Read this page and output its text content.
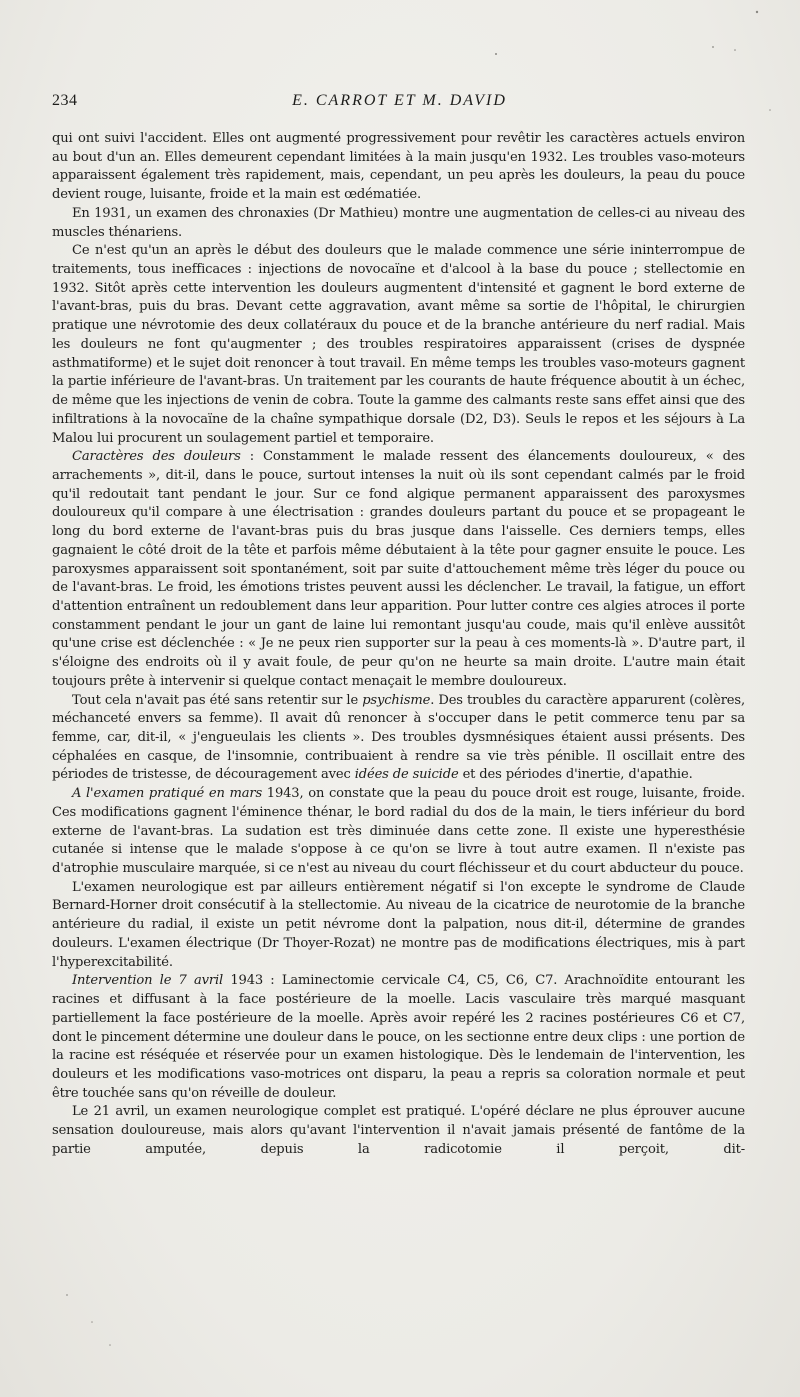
234	E. CARROT ET M. DAVID

qui ont suivi l'accident. Elles ont augmenté progressivement pour revêtir les caractères actuels environ au bout d'un an. Elles demeurent cependant limitées à la main jusqu'en 1932. Les troubles vaso-moteurs apparaissent également très rapidement, mais, cependant, un peu après les douleurs, la peau du pouce devient rouge, luisante, froide et la main est œdématiée.

En 1931, un examen des chronaxies (Dr Mathieu) montre une augmentation de celles-ci au niveau des muscles thénariens.

Ce n'est qu'un an après le début des douleurs que le malade commence une série ininterrompue de traitements, tous inefficaces : injections de novocaïne et d'alcool à la base du pouce ; stellectomie en 1932. Sitôt après cette intervention les douleurs augmentent d'intensité et gagnent le bord externe de l'avant-bras, puis du bras. Devant cette aggravation, avant même sa sortie de l'hôpital, le chirurgien pratique une névrotomie des deux collatéraux du pouce et de la branche antérieure du nerf radial. Mais les douleurs ne font qu'augmenter ; des troubles respiratoires apparaissent (crises de dyspnée asthmatiforme) et le sujet doit renoncer à tout travail. En même temps les troubles vaso-moteurs gagnent la partie inférieure de l'avant-bras. Un traitement par les courants de haute fréquence aboutit à un échec, de même que les injections de venin de cobra. Toute la gamme des calmants reste sans effet ainsi que des infiltrations à la novocaïne de la chaîne sympathique dorsale (D2, D3). Seuls le repos et les séjours à La Malou lui procurent un soulagement partiel et temporaire.

Caractères des douleurs : Constamment le malade ressent des élancements douloureux, « des arrachements », dit-il, dans le pouce, surtout intenses la nuit où ils sont cependant calmés par le froid qu'il redoutait tant pendant le jour. Sur ce fond algique permanent apparaissent des paroxysmes douloureux qu'il compare à une électrisation : grandes douleurs partant du pouce et se propageant le long du bord externe de l'avant-bras puis du bras jusque dans l'aisselle. Ces derniers temps, elles gagnaient le côté droit de la tête et parfois même débutaient à la tête pour gagner ensuite le pouce. Les paroxysmes apparaissent soit spontanément, soit par suite d'attouchement même très léger du pouce ou de l'avant-bras. Le froid, les émotions tristes peuvent aussi les déclencher. Le travail, la fatigue, un effort d'attention entraînent un redoublement dans leur apparition. Pour lutter contre ces algies atroces il porte constamment pendant le jour un gant de laine lui remontant jusqu'au coude, mais qu'il enlève aussitôt qu'une crise est déclenchée : « Je ne peux rien supporter sur la peau à ces moments-là ». D'autre part, il s'éloigne des endroits où il y avait foule, de peur qu'on ne heurte sa main droite. L'autre main était toujours prête à intervenir si quelque contact menaçait le membre douloureux.

Tout cela n'avait pas été sans retentir sur le psychisme. Des troubles du caractère apparurent (colères, méchanceté envers sa femme). Il avait dû renoncer à s'occuper dans le petit commerce tenu par sa femme, car, dit-il, « j'engueulais les clients ». Des troubles dysmnésiques étaient aussi présents. Des céphalées en casque, de l'insomnie, contribuaient à rendre sa vie très pénible. Il oscillait entre des périodes de tristesse, de découragement avec idées de suicide et des périodes d'inertie, d'apathie.

A l'examen pratiqué en mars 1943, on constate que la peau du pouce droit est rouge, luisante, froide. Ces modifications gagnent l'éminence thénar, le bord radial du dos de la main, le tiers inférieur du bord externe de l'avant-bras. La sudation est très diminuée dans cette zone. Il existe une hyperesthésie cutanée si intense que le malade s'oppose à ce qu'on se livre à tout autre examen. Il n'existe pas d'atrophie musculaire marquée, si ce n'est au niveau du court fléchisseur et du court abducteur du pouce.

L'examen neurologique est par ailleurs entièrement négatif si l'on excepte le syndrome de Claude Bernard-Horner droit consécutif à la stellectomie. Au niveau de la cicatrice de neurotomie de la branche antérieure du radial, il existe un petit névrome dont la palpation, nous dit-il, détermine de grandes douleurs. L'examen électrique (Dr Thoyer-Rozat) ne montre pas de modifications électriques, mis à part l'hyperexcitabilité.

Intervention le 7 avril 1943 : Laminectomie cervicale C4, C5, C6, C7. Arachnoïdite entourant les racines et diffusant à la face postérieure de la moelle. Lacis vasculaire très marqué masquant partiellement la face postérieure de la moelle. Après avoir repéré les 2 racines postérieures C6 et C7, dont le pincement détermine une douleur dans le pouce, on les sectionne entre deux clips : une portion de la racine est réséquée et réservée pour un examen histologique. Dès le lendemain de l'intervention, les douleurs et les modifications vaso-motrices ont disparu, la peau a repris sa coloration normale et peut être touchée sans qu'on réveille de douleur.

Le 21 avril, un examen neurologique complet est pratiqué. L'opéré déclare ne plus éprouver aucune sensation douloureuse, mais alors qu'avant l'intervention il n'avait jamais présenté de fantôme de la partie amputée, depuis la radicotomie il perçoit, dit-
